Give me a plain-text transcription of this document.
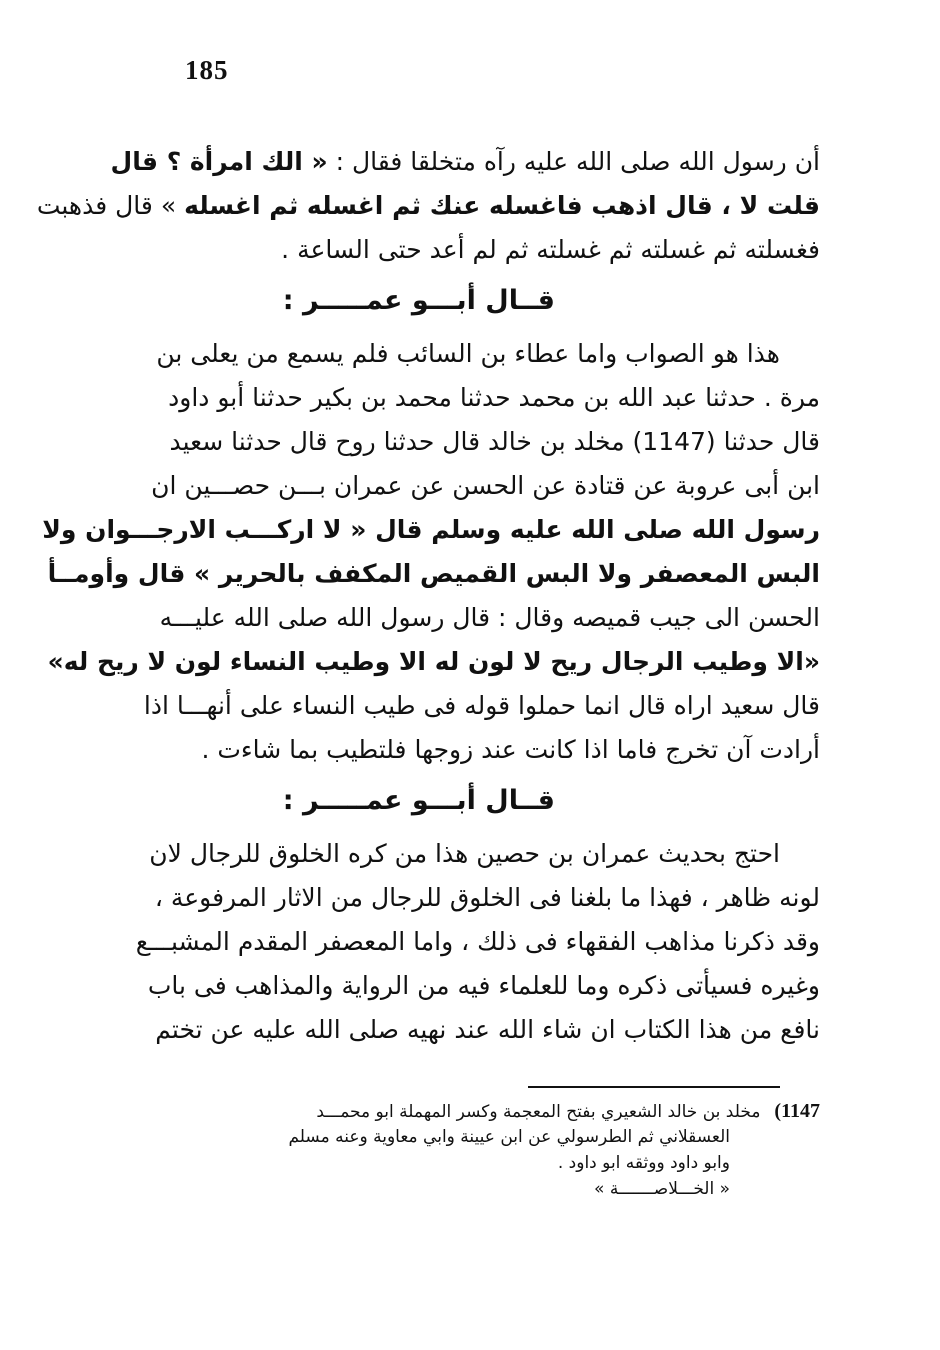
185
أن رسول الله صلى الله عليه رآه متخلقا فقال : « الك امرأة ؟ قال
قلت لا ، قال اذهب فاغسله عنك ثم اغسله ثم اغسله » قال فذهبت
فغسلته ثم غسلته ثم غسلته ثم لم أعد حتى الساعة .
قــال أبـــو عمـــــر :
هذا هو الصواب واما عطاء بن السائب فلم يسمع من يعلى بن
مرة . حدثنا عبد الله بن محمد حدثنا محمد بن بكير حدثنا أبو داود
قال حدثنا (1147) مخلد بن خالد قال حدثنا روح قال حدثنا سعيد
ابن أبى عروبة عن قتادة عن الحسن عن عمران بـــن حصـــين ان
رسول الله صلى الله عليه وسلم قال « لا اركـــب الارجـــوان ولا
البس المعصفر ولا البس القميص المكفف بالحرير » قال وأومــأ
الحسن الى جيب قميصه وقال : قال رسول الله صلى الله عليـــه
«الا وطيب الرجال ريح لا لون له الا وطيب النساء لون لا ريح له»
قال سعيد اراه قال انما حملوا قوله فى طيب النساء على أنهـــا اذا
أرادت آن تخرج فاما اذا كانت عند زوجها فلتطيب بما شاءت .
قــال أبـــو عمـــــر :
احتج بحديث عمران بن حصين هذا من كره الخلوق للرجال لان
لونه ظاهر ، فهذا ما بلغنا فى الخلوق للرجال من الاثار المرفوعة ،
وقد ذكرنا مذاهب الفقهاء فى ذلك ، واما المعصفر المقدم المشبـــع
وغيره فسيأتى ذكره وما للعلماء فيه من الرواية والمذاهب فى باب
نافع من هذا الكتاب ان شاء الله عند نهيه صلى الله عليه عن تختم
1147)مخلد بن خالد الشعيري بفتح المعجمة وكسر المهملة ابو محمـــد
العسقلاني ثم الطرسولي عن ابن عيينة وابي معاوية وعنه مسلم
وابو داود ووثقه ابو داود .
« الخـــلاصـــــــة »
